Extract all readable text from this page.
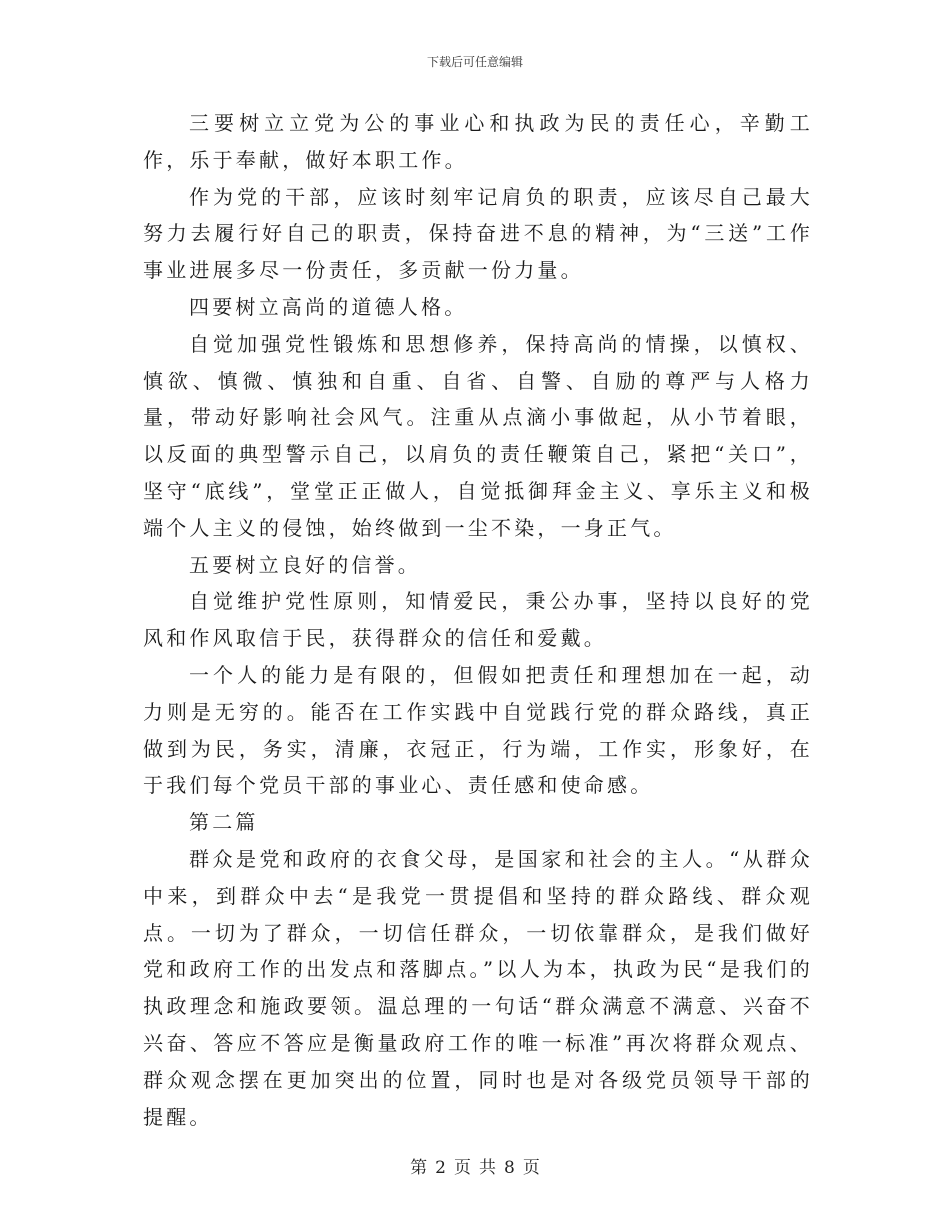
下载后可任意编辑

三要树立立党为公的事业心和执政为民的责任心，辛勤工作，乐于奉献，做好本职工作。

作为党的干部，应该时刻牢记肩负的职责，应该尽自己最大努力去履行好自己的职责，保持奋进不息的精神，为“三送”工作事业进展多尽一份责任，多贡献一份力量。

四要树立高尚的道德人格。

自觉加强党性锻炼和思想修养，保持高尚的情操，以慎权、慎欲、慎微、慎独和自重、自省、自警、自励的尊严与人格力量，带动好影响社会风气。注重从点滴小事做起，从小节着眼，以反面的典型警示自己，以肩负的责任鞭策自己，紧把“关口”，坚守“底线”，堂堂正正做人，自觉抵御拜金主义、享乐主义和极端个人主义的侵蚀，始终做到一尘不染，一身正气。

五要树立良好的信誉。

自觉维护党性原则，知情爱民，秉公办事，坚持以良好的党风和作风取信于民，获得群众的信任和爱戴。

一个人的能力是有限的，但假如把责任和理想加在一起，动力则是无穷的。能否在工作实践中自觉践行党的群众路线，真正做到为民，务实，清廉，衣冠正，行为端，工作实，形象好，在于我们每个党员干部的事业心、责任感和使命感。

第二篇

群众是党和政府的衣食父母，是国家和社会的主人。“从群众中来，到群众中去“是我党一贯提倡和坚持的群众路线、群众观点。一切为了群众，一切信任群众，一切依靠群众，是我们做好党和政府工作的出发点和落脚点。”以人为本，执政为民“是我们的执政理念和施政要领。温总理的一句话“群众满意不满意、兴奋不兴奋、答应不答应是衡量政府工作的唯一标准”再次将群众观点、群众观念摆在更加突出的位置，同时也是对各级党员领导干部的提醒。

第 2 页 共 8 页
